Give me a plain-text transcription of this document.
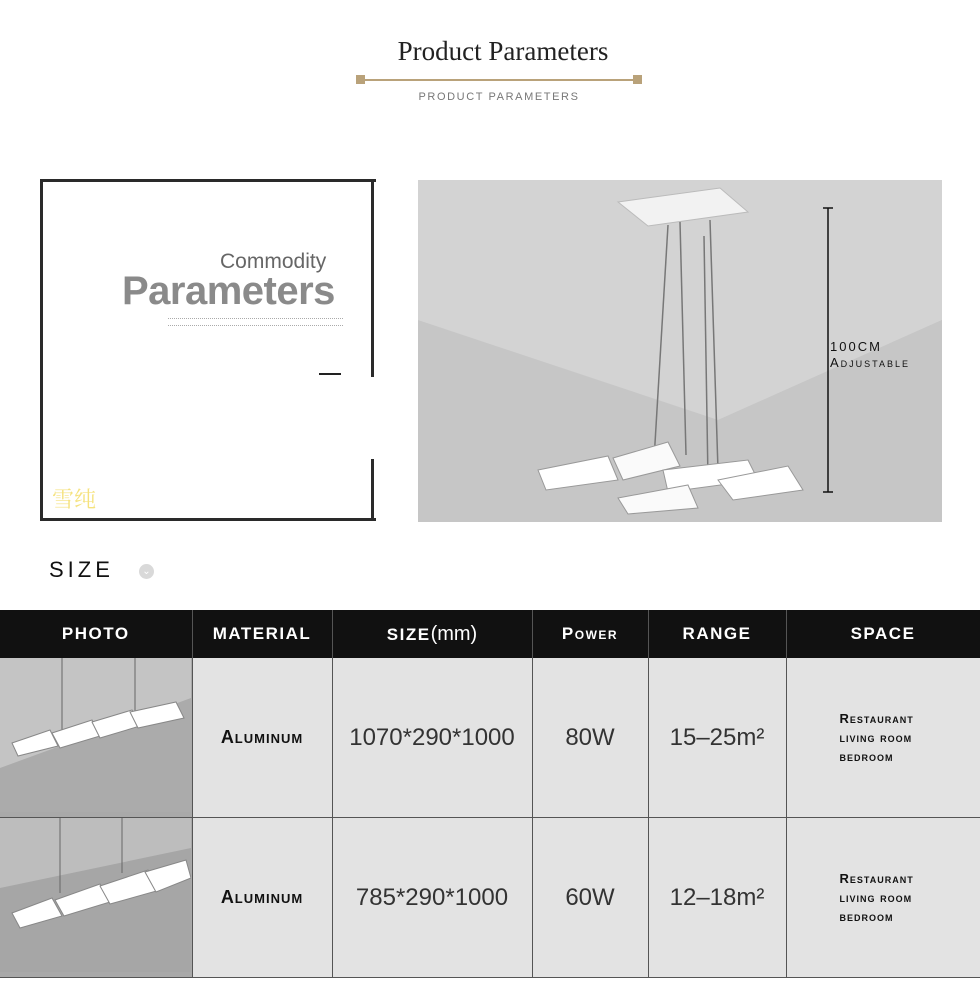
Product Parameters
PRODUCT PARAMETERS
Commodity
Parameters
雪纯
100CM
Adjustable
SIZE	⌄
PHOTO	MATERIAL	SIZE(mm)	Power	RANGE	SPACE
	Aluminum	1070*290*1000	80W	15–25m²	Restaurant
living room
bedroom

	Aluminum	785*290*1000	60W	12–18m²	Restaurant
living room
bedroom
